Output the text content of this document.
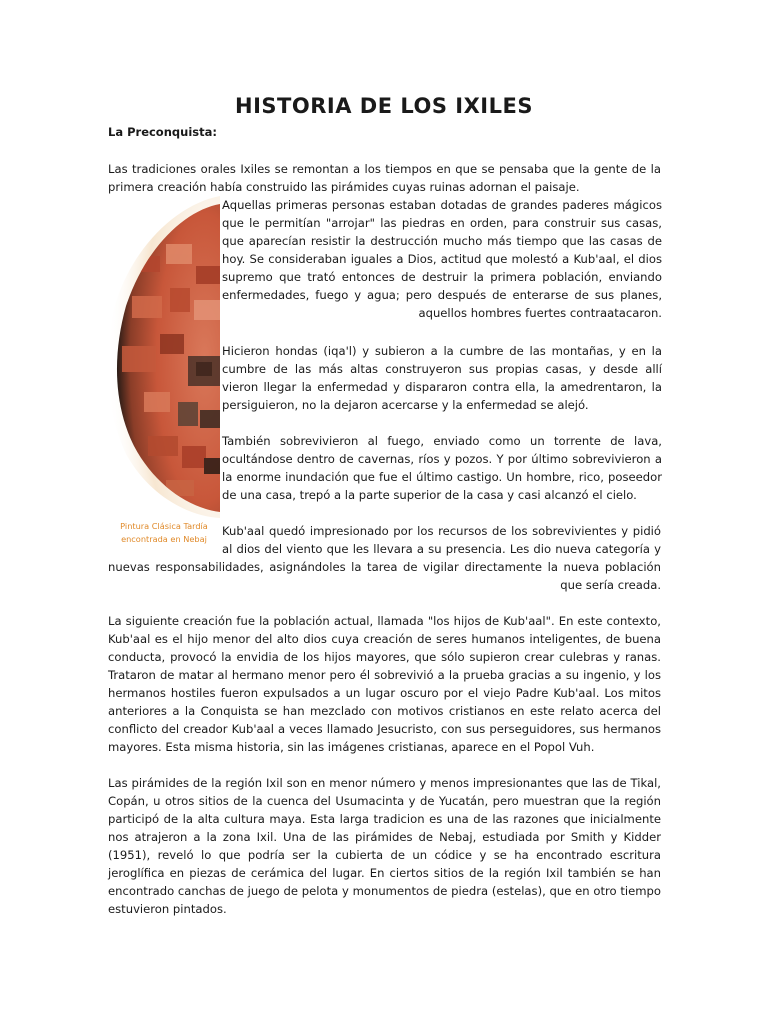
HISTORIA DE LOS IXILES
La Preconquista:

Las tradiciones orales Ixiles se remontan a los tiempos en que se pensaba que la gente de la primera creación había construido las pirámides cuyas ruinas adornan el paisaje.

Pintura Clásica Tardía
encontrada en Nebaj

Aquellas primeras personas estaban dotadas de grandes paderes mágicos que le permitían "arrojar" las piedras en orden, para construir sus casas, que aparecían resistir la destrucción mucho más tiempo que las casas de hoy. Se consideraban iguales a Dios, actitud que molestó a Kub'aal, el dios supremo que trató entonces de destruir la primera población, enviando enfermedades, fuego y agua; pero después de enterarse de sus planes, aquellos hombres fuertes contraatacaron.

Hicieron hondas (iqa'l) y subieron a la cumbre de las montañas, y en la cumbre de las más altas construyeron sus propias casas, y desde allí vieron llegar la enfermedad y dispararon contra ella, la amedrentaron, la persiguieron, no la dejaron acercarse y la enfermedad se alejó.

También sobrevivieron al fuego, enviado como un torrente de lava, ocultándose dentro de cavernas, ríos y pozos. Y por último sobrevivieron a la enorme inundación que fue el último castigo. Un hombre, rico, poseedor de una casa, trepó a la parte superior de la casa y casi alcanzó el cielo.

Kub'aal quedó impresionado por los recursos de los sobrevivientes y pidió al dios del viento que les llevara a su presencia. Les dio nueva categoría y nuevas responsabilidades, asignándoles la tarea de vigilar directamente la nueva población que sería creada.

La siguiente creación fue la población actual, llamada "los hijos de Kub'aal". En este contexto, Kub'aal es el hijo menor del alto dios cuya creación de seres humanos inteligentes, de buena conducta, provocó la envidia de los hijos mayores, que sólo supieron crear culebras y ranas. Trataron de matar al hermano menor pero él sobrevivió a la prueba gracias a su ingenio, y los hermanos hostiles fueron expulsados a un lugar oscuro por el viejo Padre Kub'aal. Los mitos anteriores a la Conquista se han mezclado con motivos cristianos en este relato acerca del conflicto del creador Kub'aal a veces llamado Jesucristo, con sus perseguidores, sus hermanos mayores. Esta misma historia, sin las imágenes cristianas, aparece en el Popol Vuh.

Las pirámides de la región Ixil son en menor número y menos impresionantes que las de Tikal, Copán, u otros sitios de la cuenca del Usumacinta y de Yucatán, pero muestran que la región participó de la alta cultura maya. Esta larga tradicion es una de las razones que inicialmente nos atrajeron a la zona Ixil. Una de las pirámides de Nebaj, estudiada por Smith y Kidder (1951), reveló lo que podría ser la cubierta de un códice y se ha encontrado escritura jeroglífica en piezas de cerámica del lugar. En ciertos sitios de la región Ixil también se han encontrado canchas de juego de pelota y monumentos de piedra (estelas), que en otro tiempo estuvieron pintados.
